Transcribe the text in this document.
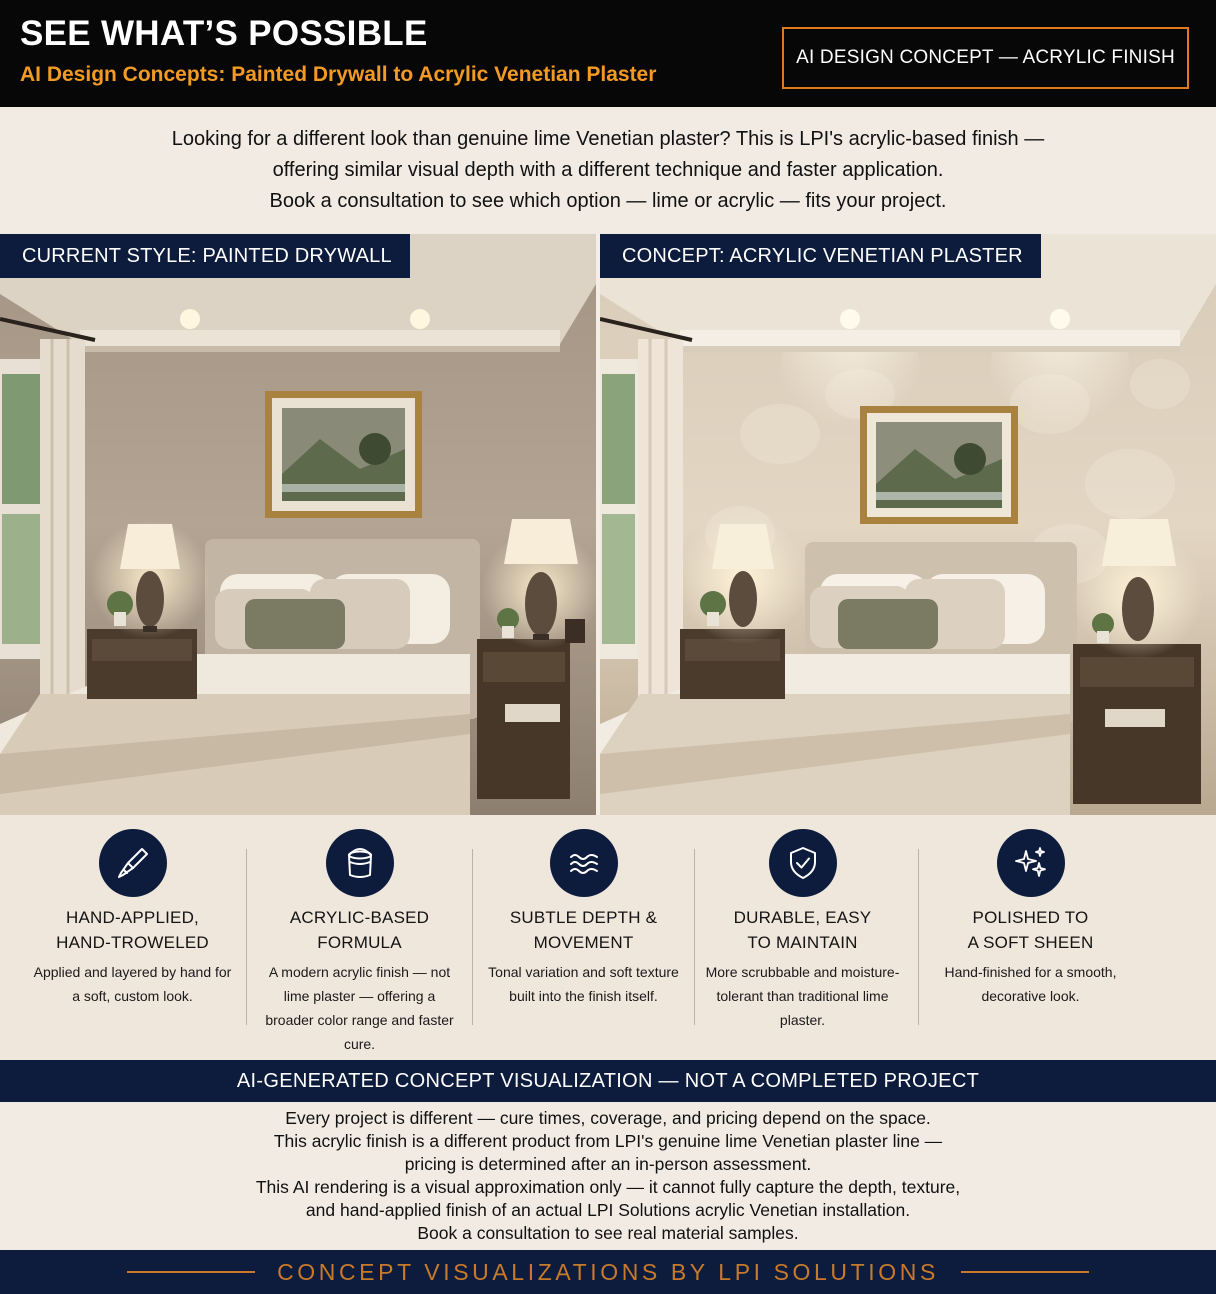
SEE WHAT’S POSSIBLE
AI Design Concepts: Painted Drywall to Acrylic Venetian Plaster
AI DESIGN CONCEPT — ACRYLIC FINISH

Looking for a different look than genuine lime Venetian plaster? This is LPI's acrylic-based finish —

offering similar visual depth with a different technique and faster application.

Book a consultation to see which option — lime or acrylic — fits your project.

CURRENT STYLE: PAINTED DRYWALL	CONCEPT: ACRYLIC VENETIAN PLASTER
HAND-APPLIED,
HAND-TROWELED
Applied and layered by hand for a soft, custom look.
ACRYLIC-BASED
FORMULA
A modern acrylic finish — not lime plaster — offering a broader color range and faster cure.
SUBTLE DEPTH &
MOVEMENT
Tonal variation and soft texture built into the finish itself.
DURABLE, EASY
TO MAINTAIN
More scrubbable and moisture-tolerant than traditional lime plaster.
POLISHED TO
A SOFT SHEEN
Hand-finished for a smooth, decorative look.
AI-GENERATED CONCEPT VISUALIZATION — NOT A COMPLETED PROJECT

Every project is different — cure times, coverage, and pricing depend on the space.

This acrylic finish is a different product from LPI's genuine lime Venetian plaster line —

pricing is determined after an in-person assessment.

This AI rendering is a visual approximation only — it cannot fully capture the depth, texture,

and hand-applied finish of an actual LPI Solutions acrylic Venetian installation.

Book a consultation to see real material samples.

CONCEPT VISUALIZATIONS BY LPI SOLUTIONS
